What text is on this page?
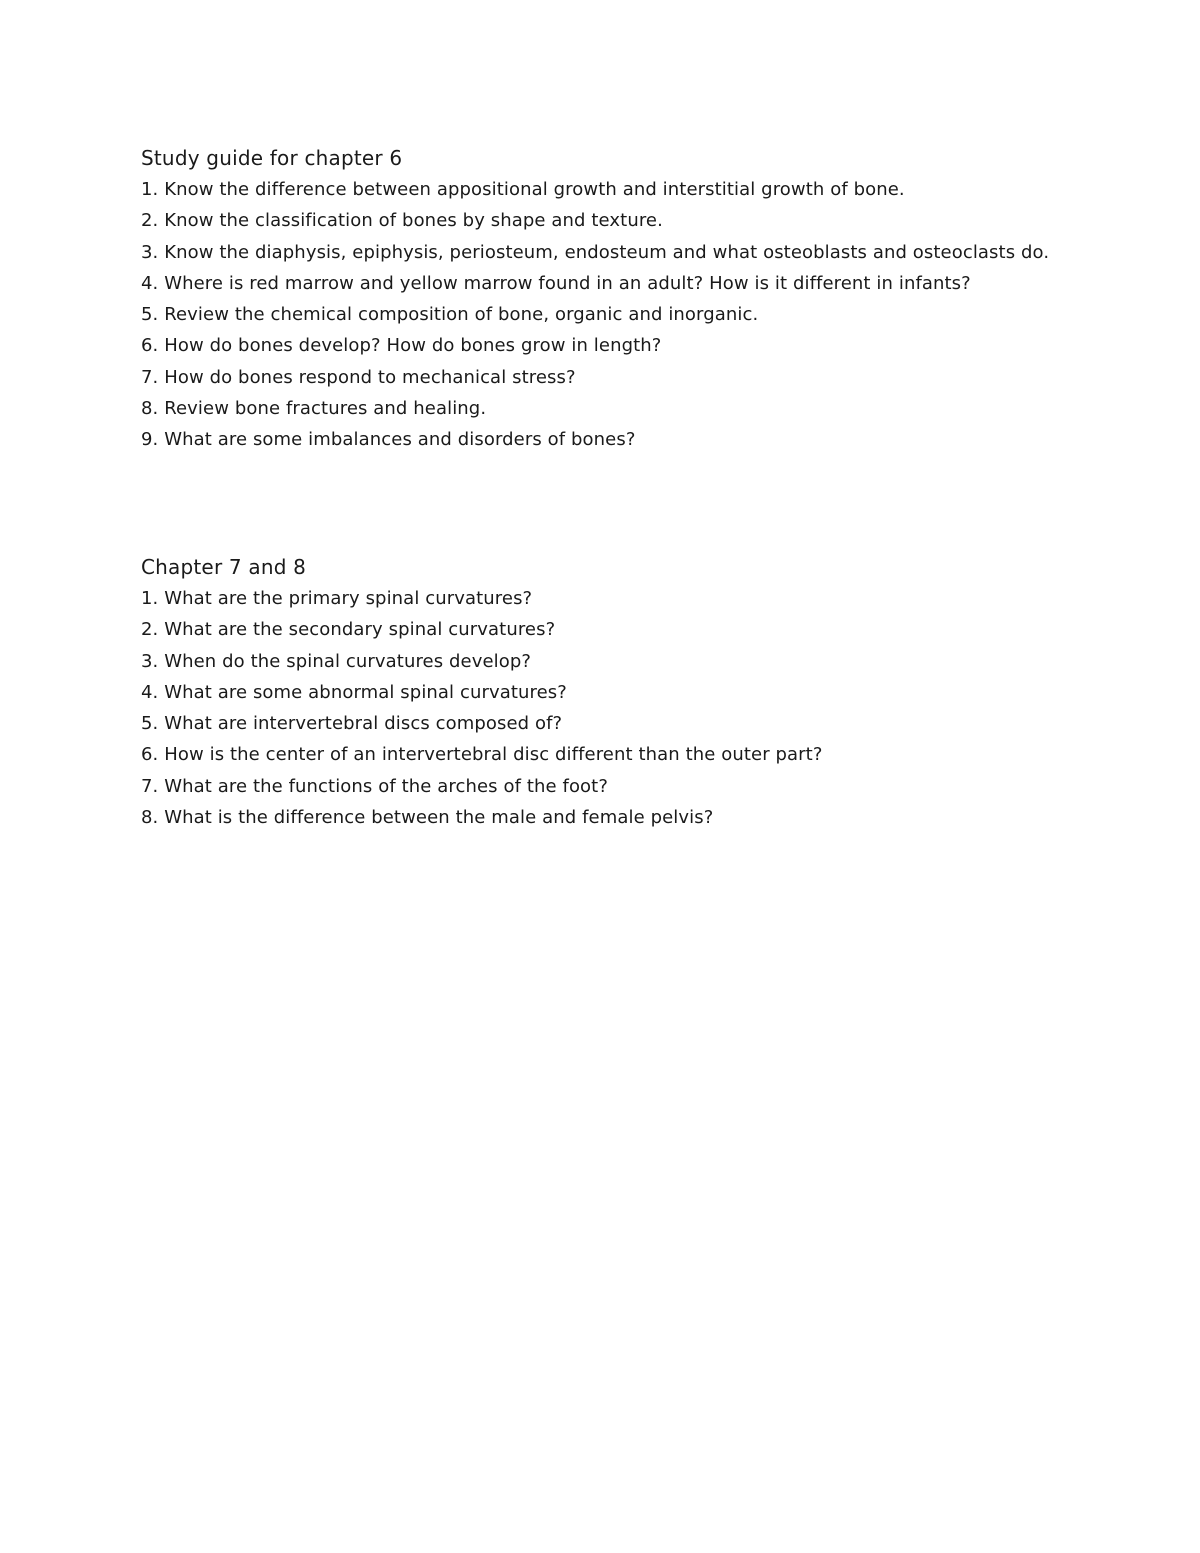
Study guide for chapter 6
1. Know the difference between appositional growth and interstitial growth of bone.
2. Know the classification of bones by shape and texture.
3. Know the diaphysis, epiphysis, periosteum, endosteum and what osteoblasts and osteoclasts do.
4. Where is red marrow and yellow marrow found in an adult? How is it different in infants?
5. Review the chemical composition of bone, organic and inorganic.
6. How do bones develop? How do bones grow in length?
7. How do bones respond to mechanical stress?
8. Review bone fractures and healing.
9. What are some imbalances and disorders of bones?
Chapter 7 and 8
1. What are the primary spinal curvatures?
2. What are the secondary spinal curvatures?
3. When do the spinal curvatures develop?
4. What are some abnormal spinal curvatures?
5. What are intervertebral discs composed of?
6. How is the center of an intervertebral disc different than the outer part?
7. What are the functions of the arches of the foot?
8. What is the difference between the male and female pelvis?
